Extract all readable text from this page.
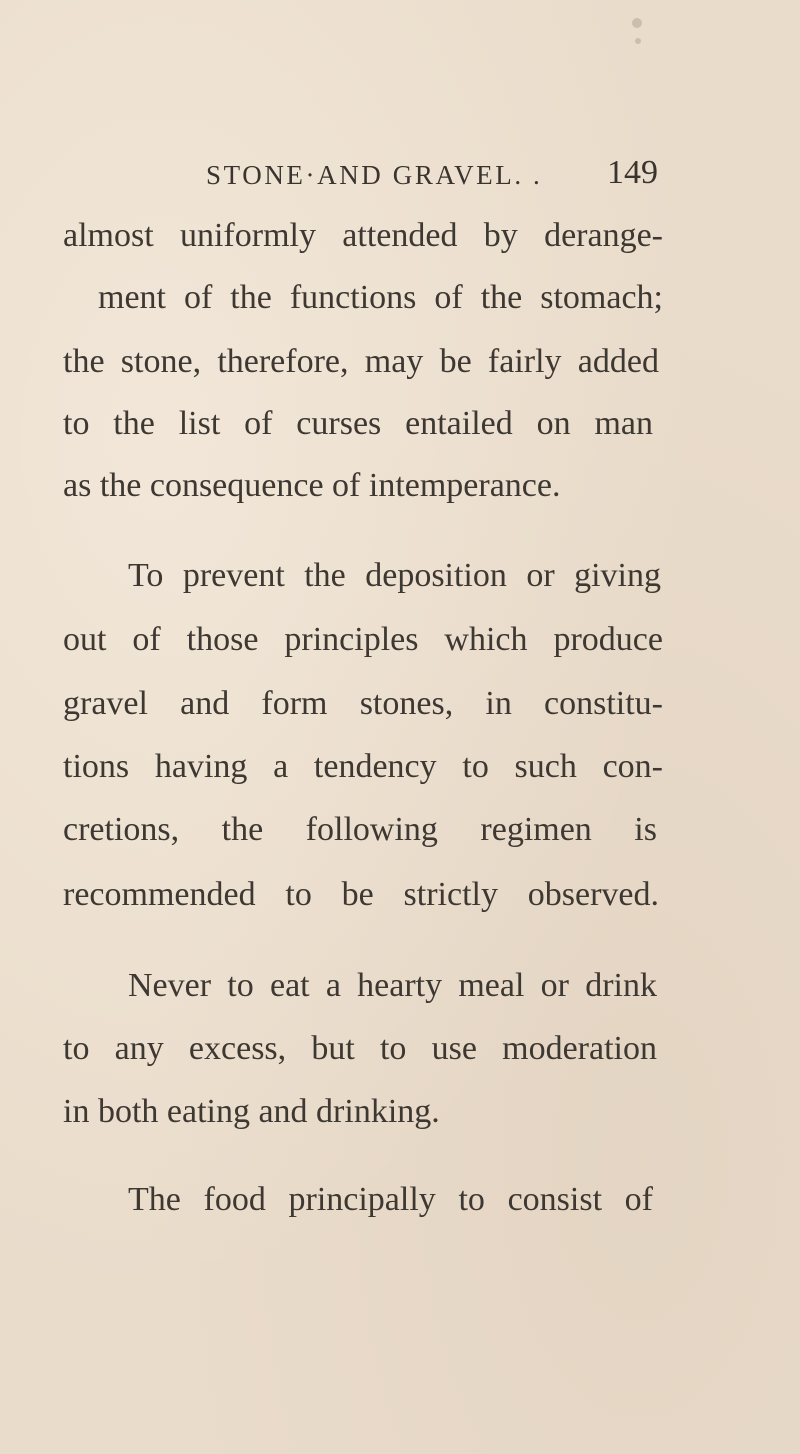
STONE·AND GRAVEL. . 149
almost uniformly attended by derange-
ment of the functions of the stomach;
the stone, therefore, may be fairly added
to the list of curses entailed on man
as the consequence of intemperance.
To prevent the deposition or giving
out of those principles which produce
gravel and form stones, in constitu-
tions having a tendency to such con-
cretions, the following regimen is
recommended to be strictly observed.
Never to eat a hearty meal or drink
to any excess, but to use moderation
in both eating and drinking.
The food principally to consist of
